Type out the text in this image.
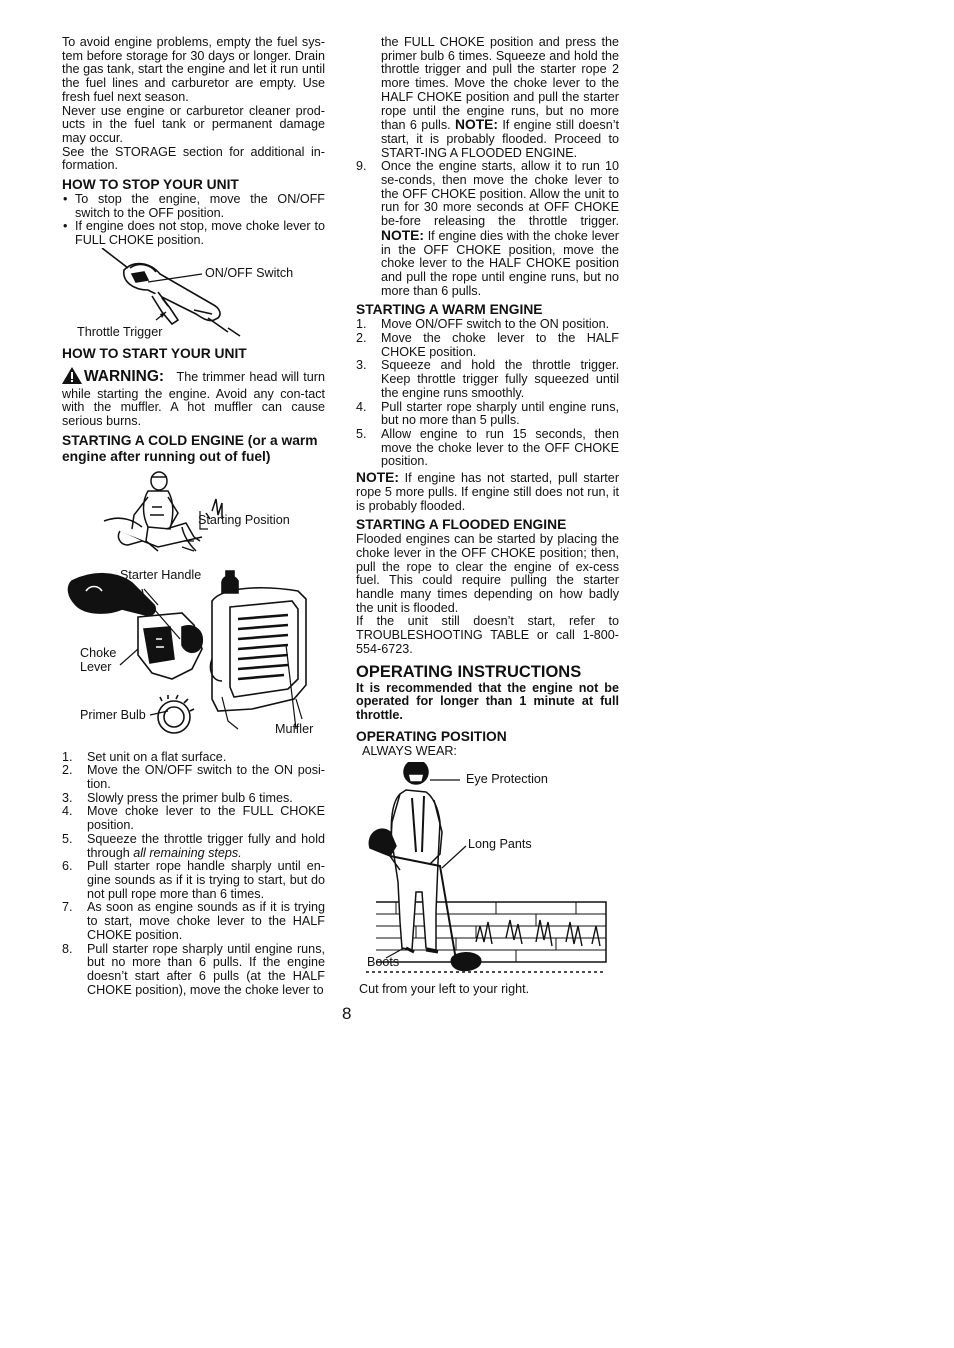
To avoid engine problems, empty the fuel sys-tem before storage for 30 days or longer. Drain the gas tank, start the engine and let it run until the fuel lines and carburetor are empty. Use fresh fuel next season.

Never use engine or carburetor cleaner prod-ucts in the fuel tank or permanent damage may occur.

See the STORAGE section for additional in-formation.

HOW TO STOP YOUR UNIT
• To stop the engine, move the ON/OFF switch to the OFF position.
• If engine does not stop, move choke lever to FULL CHOKE position.
ON/OFF Switch
Throttle Trigger
HOW TO START YOUR UNIT

WARNING: The trimmer head will turn while starting the engine. Avoid any con-tact with the muffler. A hot muffler can cause serious burns.

STARTING A COLD ENGINE (or a warm engine after running out of fuel)
Starting Position
Starter Handle
Choke
Lever
Primer Bulb
Muffler
1.	Set unit on a flat surface.
2.	Move the ON/OFF switch to the ON posi-tion.
3.	Slowly press the primer bulb 6 times.
4.	Move choke lever to the FULL CHOKE position.
5.	Squeeze the throttle trigger fully and hold through all remaining steps.
6.	Pull starter rope handle sharply until en-gine sounds as if it is trying to start, but do not pull rope more than 6 times.
7.	As soon as engine sounds as if it is trying to start, move choke lever to the HALF CHOKE position.
8.	Pull starter rope sharply until engine runs, but no more than 6 pulls. If the engine doesn’t start after 6 pulls (at the HALF CHOKE position), move the choke lever to

the FULL CHOKE position and press the primer bulb 6 times. Squeeze and hold the throttle trigger and pull the starter rope 2 more times. Move the choke lever to the HALF CHOKE position and pull the starter rope until the engine runs, but no more than 6 pulls. NOTE: If engine still doesn’t start, it is probably flooded. Proceed to START-ING A FLOODED ENGINE.

9.	Once the engine starts, allow it to run 10 se-conds, then move the choke lever to the OFF CHOKE position. Allow the unit to run for 30 more seconds at OFF CHOKE be-fore releasing the throttle trigger. NOTE: If engine dies with the choke lever in the OFF CHOKE position, move the choke lever to the HALF CHOKE position and pull the rope until engine runs, but no more than 6 pulls.

STARTING A WARM ENGINE
1.	Move ON/OFF switch to the ON position.
2.	Move the choke lever to the HALF CHOKE position.
3.	Squeeze and hold the throttle trigger. Keep throttle trigger fully squeezed until the engine runs smoothly.
4.	Pull starter rope sharply until engine runs, but no more than 5 pulls.
5.	Allow engine to run 15 seconds, then move the choke lever to the OFF CHOKE position.

NOTE: If engine has not started, pull starter rope 5 more pulls. If engine still does not run, it is probably flooded.

STARTING A FLOODED ENGINE

Flooded engines can be started by placing the choke lever in the OFF CHOKE position; then, pull the rope to clear the engine of ex-cess fuel. This could require pulling the starter handle many times depending on how badly the unit is flooded.

If the unit still doesn’t start, refer to TROUBLESHOOTING TABLE or call 1-800-554-6723.

OPERATING INSTRUCTIONS

It is recommended that the engine not be operated for longer than 1 minute at full throttle.

OPERATING POSITION

ALWAYS WEAR:

Eye Protection
Long Pants
Boots

Cut from your left to your right.

8
